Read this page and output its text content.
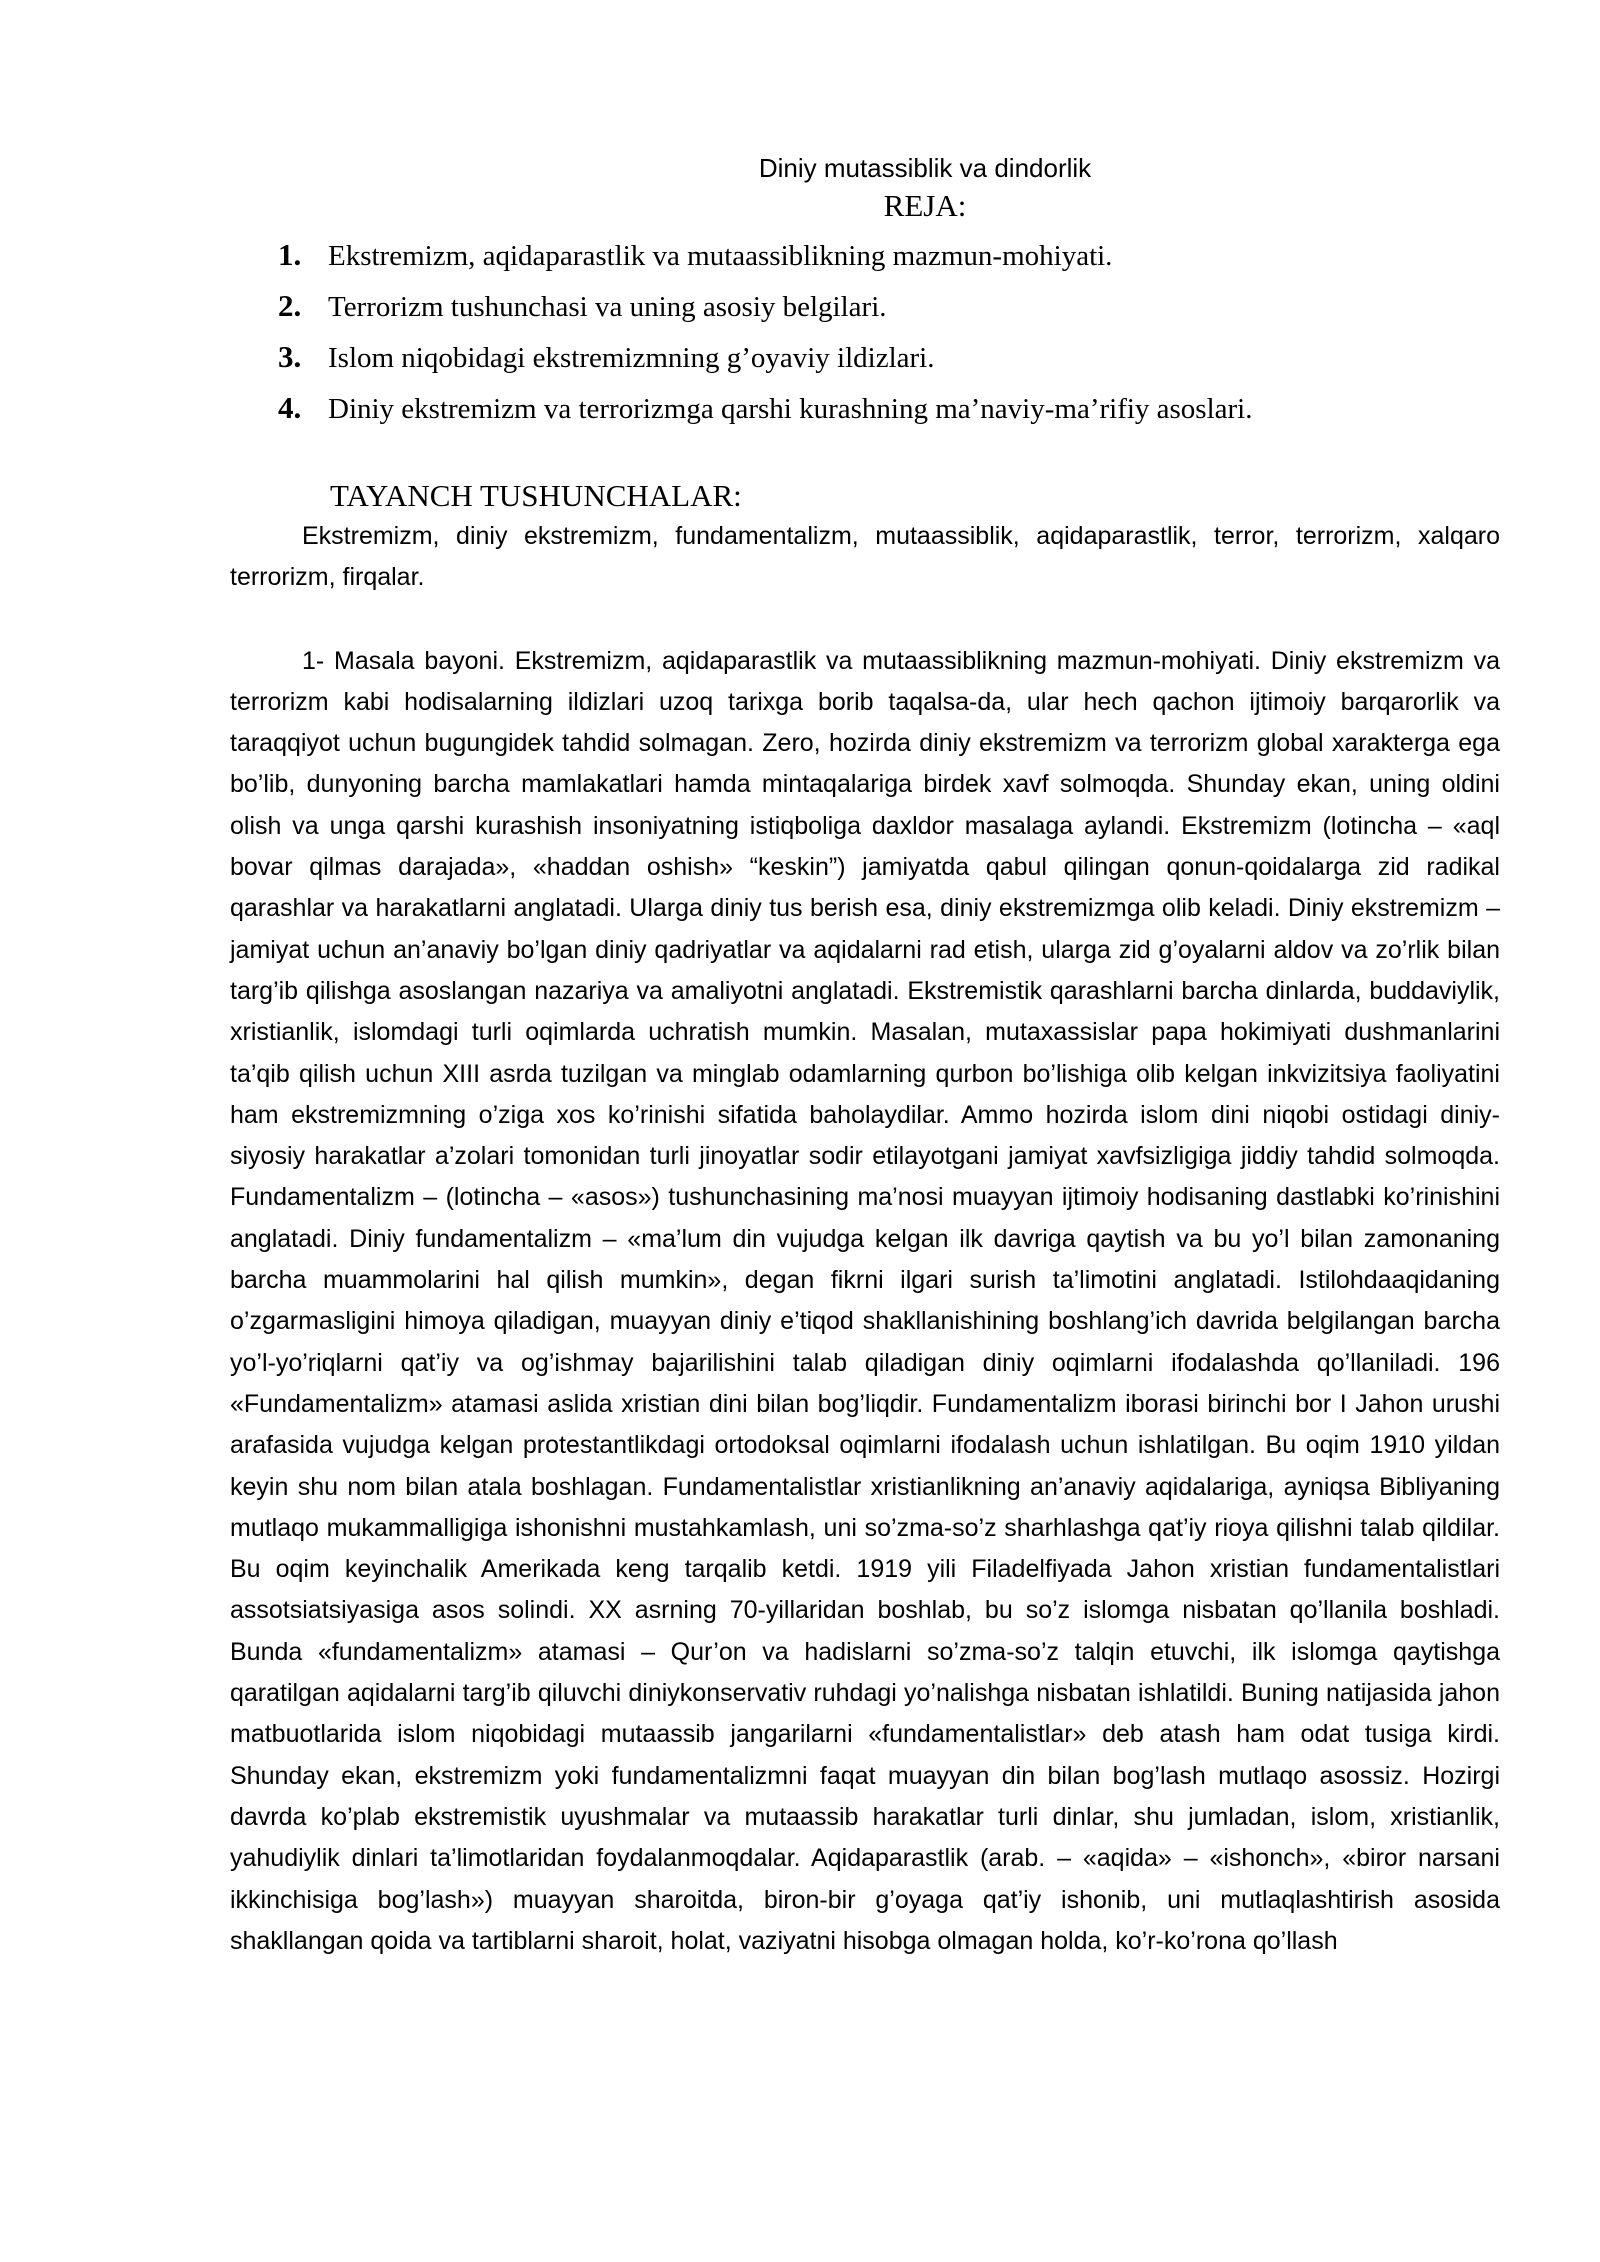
Diniy mutassiblik va dindorlik
REJA:
1. Ekstremizm, aqidaparastlik va mutaassiblikning mazmun-mohiyati.
2. Terrorizm tushunchasi va uning asosiy belgilari.
3. Islom niqobidagi ekstremizmning g’oyaviy ildizlari.
4. Diniy ekstremizm va terrorizmga qarshi kurashning ma’naviy-ma’rifiy asoslari.
TAYANCH TUSHUNCHALAR:

Ekstremizm, diniy ekstremizm, fundamentalizm, mutaassiblik, aqidaparastlik, terror, terrorizm, xalqaro terrorizm, firqalar.

1- Masala bayoni. Ekstremizm, aqidaparastlik va mutaassiblikning mazmun-mohiyati. Diniy ekstremizm va terrorizm kabi hodisalarning ildizlari uzoq tarixga borib taqalsa-da, ular hech qachon ijtimoiy barqarorlik va taraqqiyot uchun bugungidek tahdid solmagan. Zero, hozirda diniy ekstremizm va terrorizm global xarakterga ega bo’lib, dunyoning barcha mamlakatlari hamda mintaqalariga birdek xavf solmoqda. Shunday ekan, uning oldini olish va unga qarshi kurashish insoniyatning istiqboliga daxldor masalaga aylandi. Ekstremizm (lotincha – «aql bovar qilmas darajada», «haddan oshish» “keskin”) jamiyatda qabul qilingan qonun-qoidalarga zid radikal qarashlar va harakatlarni anglatadi. Ularga diniy tus berish esa, diniy ekstremizmga olib keladi. Diniy ekstremizm – jamiyat uchun an’anaviy bo’lgan diniy qadriyatlar va aqidalarni rad etish, ularga zid g’oyalarni aldov va zo’rlik bilan targ’ib qilishga asoslangan nazariya va amaliyotni anglatadi. Ekstremistik qarashlarni barcha dinlarda, buddaviylik, xristianlik, islomdagi turli oqimlarda uchratish mumkin. Masalan, mutaxassislar papa hokimiyati dushmanlarini ta’qib qilish uchun XIII asrda tuzilgan va minglab odamlarning qurbon bo’lishiga olib kelgan inkvizitsiya faoliyatini ham ekstremizmning o’ziga xos ko’rinishi sifatida baholaydilar. Ammo hozirda islom dini niqobi ostidagi diniy-siyosiy harakatlar a’zolari tomonidan turli jinoyatlar sodir etilayotgani jamiyat xavfsizligiga jiddiy tahdid solmoqda. Fundamentalizm – (lotincha – «asos») tushunchasining ma’nosi muayyan ijtimoiy hodisaning dastlabki ko’rinishini anglatadi. Diniy fundamentalizm – «ma’lum din vujudga kelgan ilk davriga qaytish va bu yo’l bilan zamonaning barcha muammolarini hal qilish mumkin», degan fikrni ilgari surish ta’limotini anglatadi. Istilohdaaqidaning o’zgarmasligini himoya qiladigan, muayyan diniy e’tiqod shakllanishining boshlang’ich davrida belgilangan barcha yo’l-yo’riqlarni qat’iy va og’ishmay bajarilishini talab qiladigan diniy oqimlarni ifodalashda qo’llaniladi. 196 «Fundamentalizm» atamasi aslida xristian dini bilan bog’liqdir. Fundamentalizm iborasi birinchi bor I Jahon urushi arafasida vujudga kelgan protestantlikdagi ortodoksal oqimlarni ifodalash uchun ishlatilgan. Bu oqim 1910 yildan keyin shu nom bilan atala boshlagan. Fundamentalistlar xristianlikning an’anaviy aqidalariga, ayniqsa Bibliyaning mutlaqo mukammalligiga ishonishni mustahkamlash, uni so’zma-so’z sharhlashga qat’iy rioya qilishni talab qildilar. Bu oqim keyinchalik Amerikada keng tarqalib ketdi. 1919 yili Filadelfiyada Jahon xristian fundamentalistlari assotsiatsiyasiga asos solindi. XX asrning 70-yillaridan boshlab, bu so’z islomga nisbatan qo’llanila boshladi. Bunda «fundamentalizm» atamasi – Qur’on va hadislarni so’zma-so’z talqin etuvchi, ilk islomga qaytishga qaratilgan aqidalarni targ’ib qiluvchi diniykonservativ ruhdagi yo’nalishga nisbatan ishlatildi. Buning natijasida jahon matbuotlarida islom niqobidagi mutaassib jangarilarni «fundamentalistlar» deb atash ham odat tusiga kirdi. Shunday ekan, ekstremizm yoki fundamentalizmni faqat muayyan din bilan bog’lash mutlaqo asossiz. Hozirgi davrda ko’plab ekstremistik uyushmalar va mutaassib harakatlar turli dinlar, shu jumladan, islom, xristianlik, yahudiylik dinlari ta’limotlaridan foydalanmoqdalar. Aqidaparastlik (arab. – «aqida» – «ishonch», «biror narsani ikkinchisiga bog’lash») muayyan sharoitda, biron-bir g’oyaga qat’iy ishonib, uni mutlaqlashtirish asosida shakllangan qoida va tartiblarni sharoit, holat, vaziyatni hisobga olmagan holda, ko’r-ko’rona qo’llash
